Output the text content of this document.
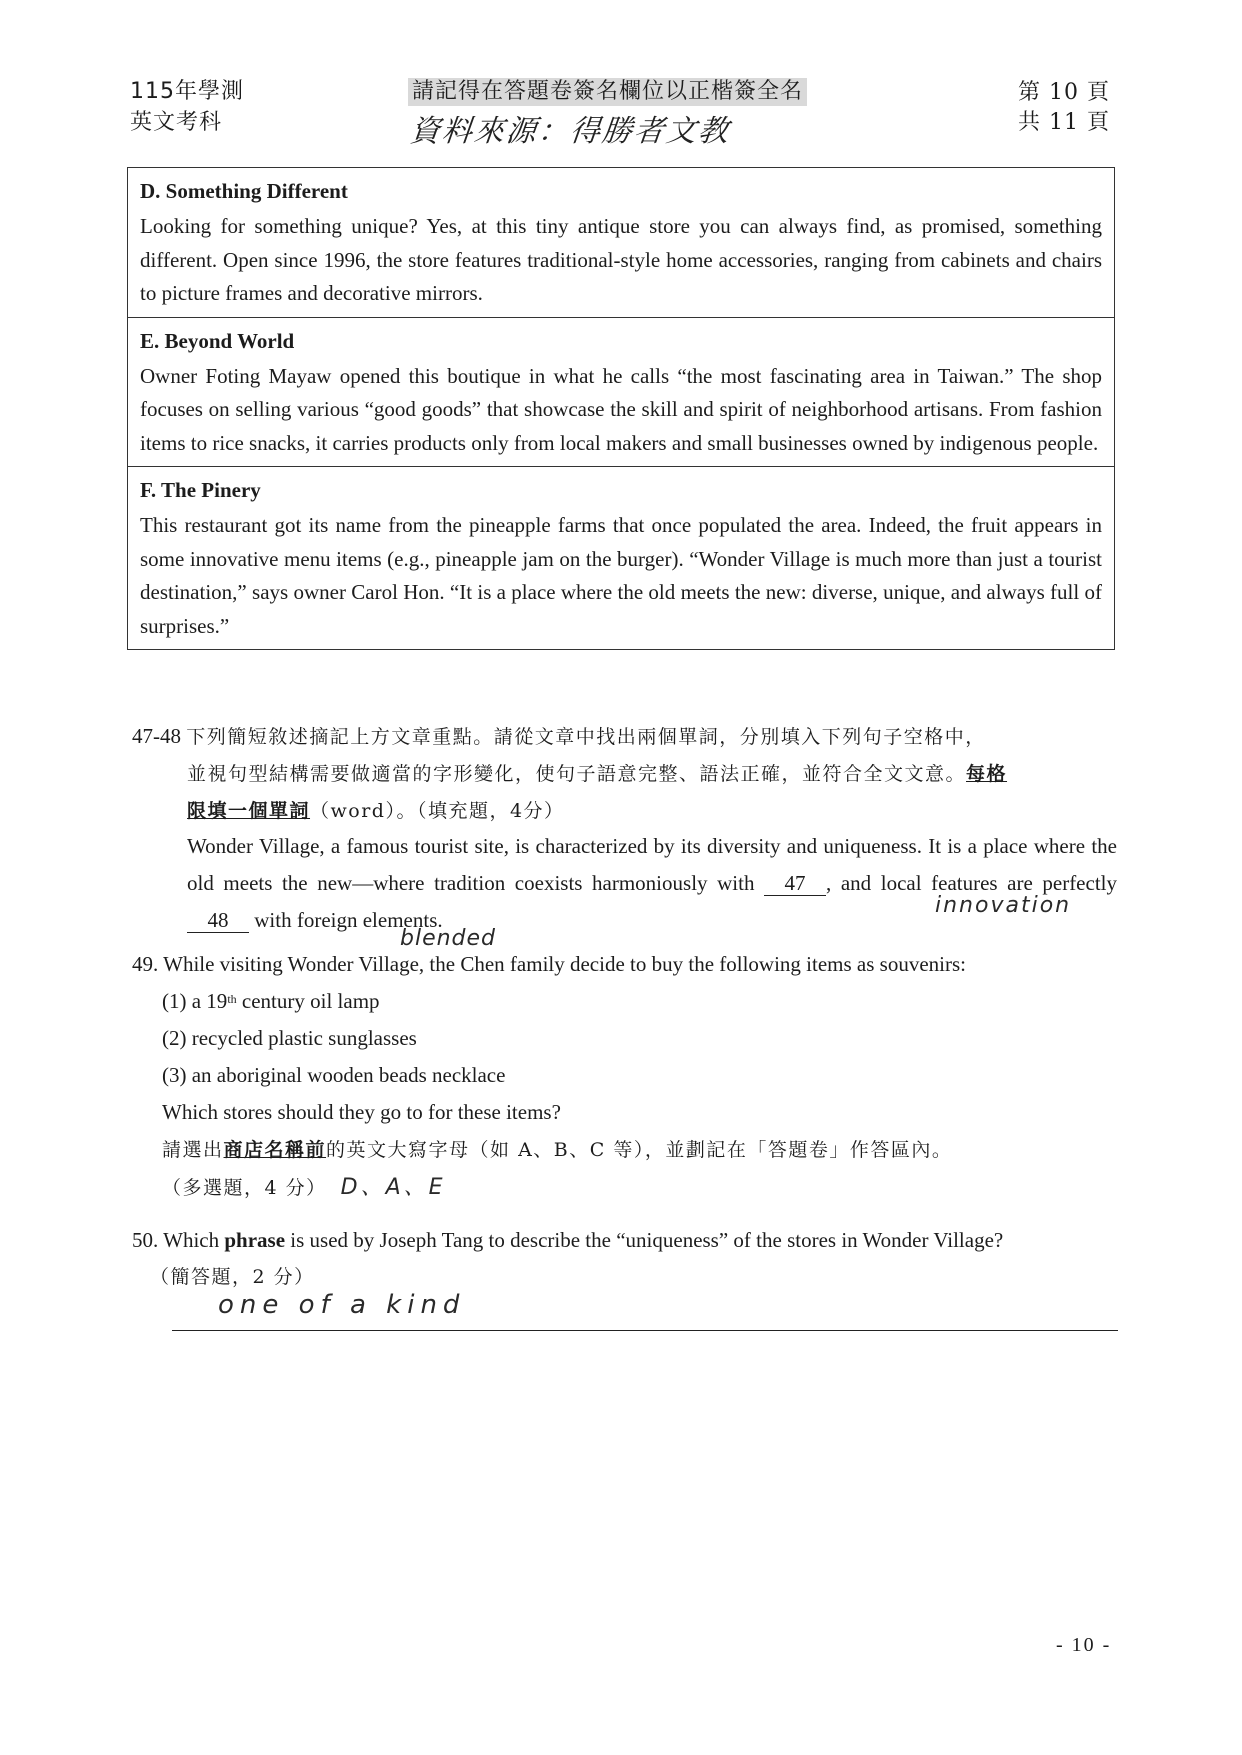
115年學測
英文考科
請記得在答題卷簽名欄位以正楷簽全名
資料來源：得勝者文教
第 10 頁
共 11 頁
D. Something Different
Looking for something unique? Yes, at this tiny antique store you can always find, as promised, something different. Open since 1996, the store features traditional-style home accessories, ranging from cabinets and chairs to picture frames and decorative mirrors.
E. Beyond World
Owner Foting Mayaw opened this boutique in what he calls “the most fascinating area in Taiwan.” The shop focuses on selling various “good goods” that showcase the skill and spirit of neighborhood artisans. From fashion items to rice snacks, it carries products only from local makers and small businesses owned by indigenous people.
F. The Pinery
This restaurant got its name from the pineapple farms that once populated the area. Indeed, the fruit appears in some innovative menu items (e.g., pineapple jam on the burger). “Wonder Village is much more than just a tourist destination,” says owner Carol Hon. “It is a place where the old meets the new: diverse, unique, and always full of surprises.”
47-48 下列簡短敘述摘記上方文章重點。請從文章中找出兩個單詞，分別填入下列句子空格中，
並視句型結構需要做適當的字形變化，使句子語意完整、語法正確，並符合全文文意。每格
限填一個單詞（word）。（填充題，4分）
Wonder Village, a famous tourist site, is characterized by its diversity and uniqueness. It is a place where the old meets the new—where tradition coexists harmoniously with 47 , and local features are perfectly 48 with foreign elements.
innovation
blended
49. While visiting Wonder Village, the Chen family decide to buy the following items as souvenirs:
(1) a 19th century oil lamp
(2) recycled plastic sunglasses
(3) an aboriginal wooden beads necklace
Which stores should they go to for these items?
請選出商店名稱前的英文大寫字母（如 A、B、C 等），並劃記在「答題卷」作答區內。
（多選題，4 分） D、A、E
50. Which phrase is used by Joseph Tang to describe the “uniqueness” of the stores in Wonder Village?
（簡答題，2 分）
one of a kind
- 10 -
